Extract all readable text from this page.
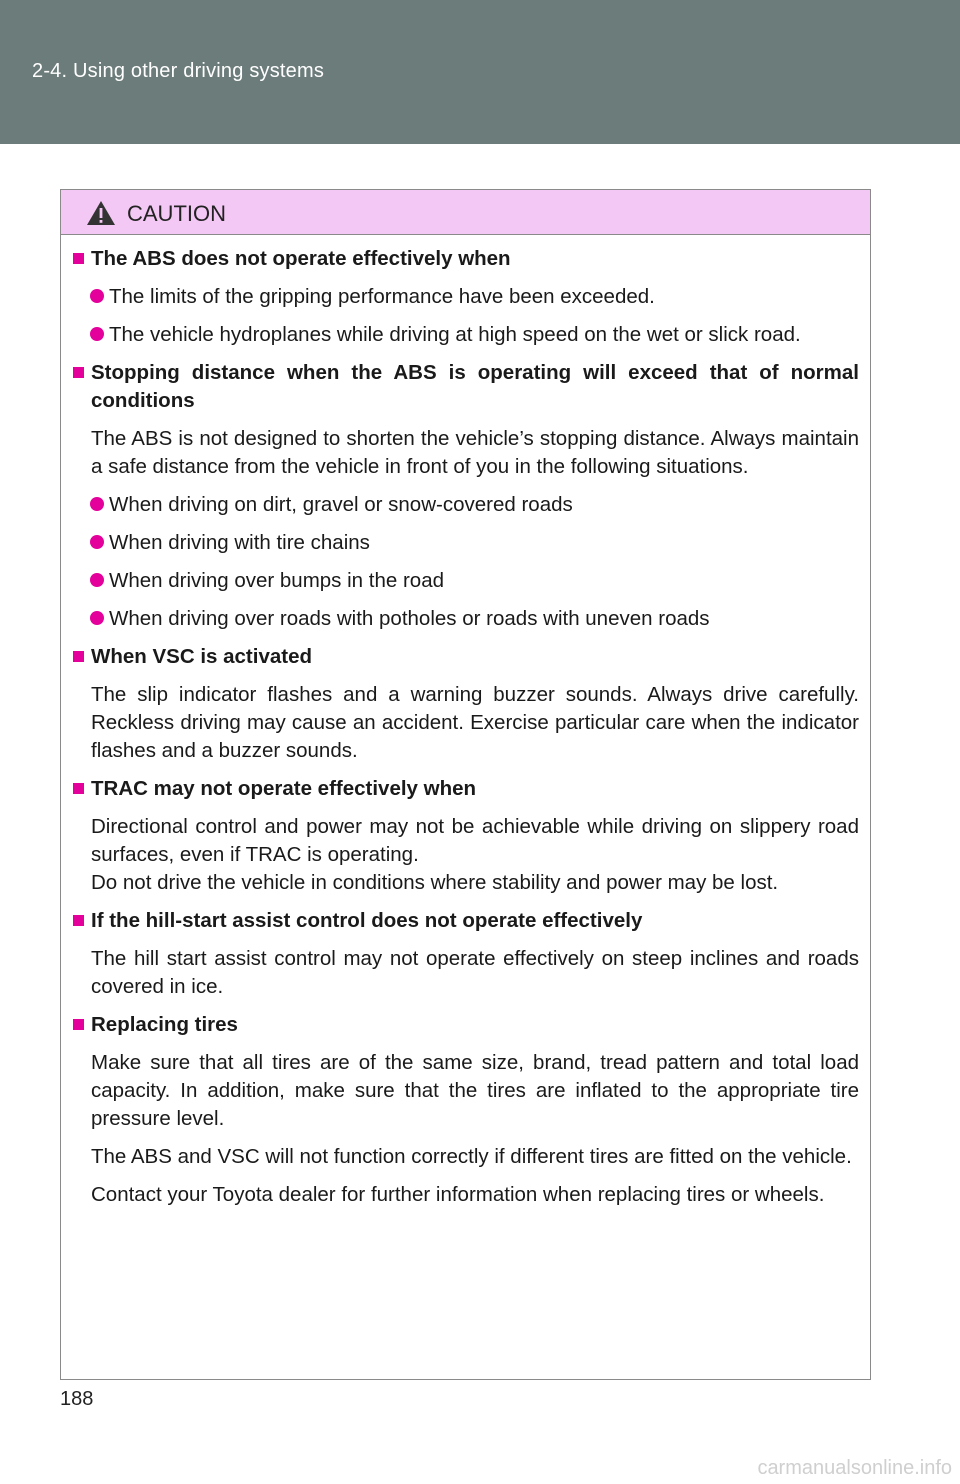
2-4. Using other driving systems
CAUTION
The ABS does not operate effectively when
The limits of the gripping performance have been exceeded.
The vehicle hydroplanes while driving at high speed on the wet or slick road.
Stopping distance when the ABS is operating will exceed that of normal conditions
The ABS is not designed to shorten the vehicle’s stopping distance. Always maintain a safe distance from the vehicle in front of you in the following situations.
When driving on dirt, gravel or snow-covered roads
When driving with tire chains
When driving over bumps in the road
When driving over roads with potholes or roads with uneven roads
When VSC is activated
The slip indicator flashes and a warning buzzer sounds. Always drive carefully. Reckless driving may cause an accident. Exercise particular care when the indicator flashes and a buzzer sounds.
TRAC may not operate effectively when
Directional control and power may not be achievable while driving on slippery road surfaces, even if TRAC is operating.
Do not drive the vehicle in conditions where stability and power may be lost.
If the hill-start assist control does not operate effectively
The hill start assist control may not operate effectively on steep inclines and roads covered in ice.
Replacing tires
Make sure that all tires are of the same size, brand, tread pattern and total load capacity. In addition, make sure that the tires are inflated to the appropriate tire pressure level.
The ABS and VSC will not function correctly if different tires are fitted on the vehicle.
Contact your Toyota dealer for further information when replacing tires or wheels.
188
carmanualsonline.info
